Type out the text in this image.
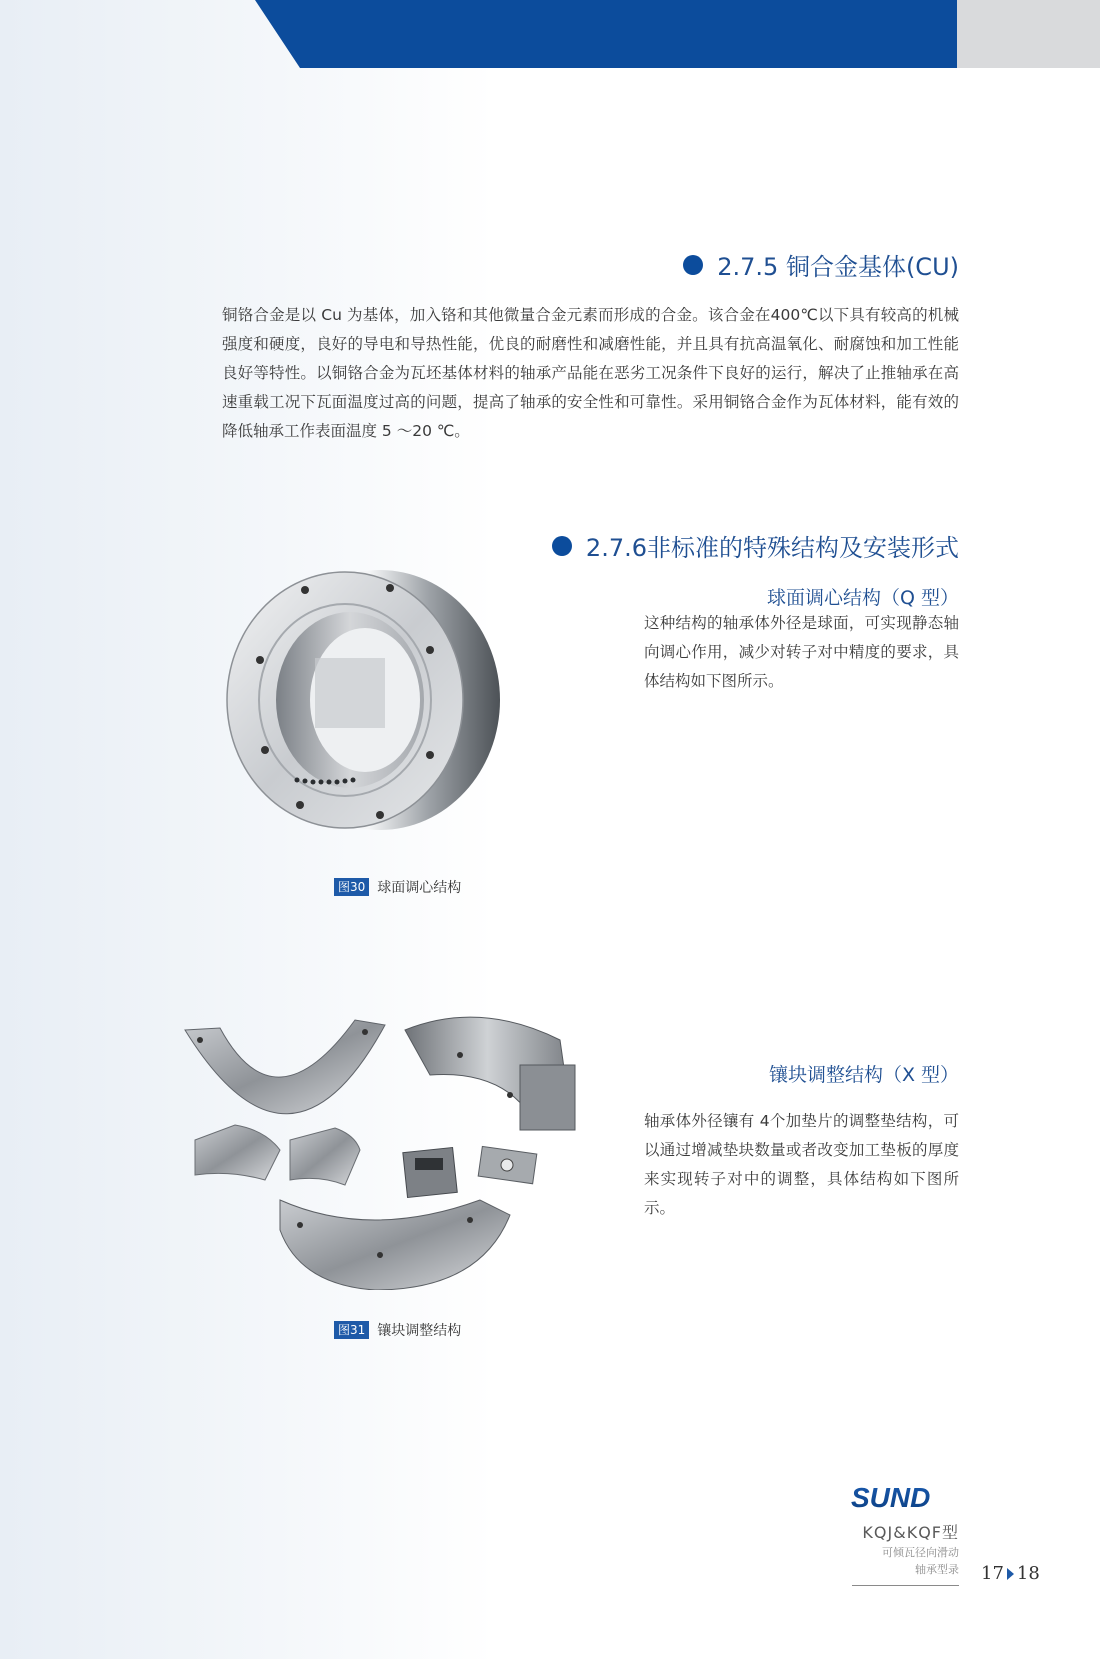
2.7.5 铜合金基体(CU)
铜铬合金是以 Cu 为基体，加入铬和其他微量合金元素而形成的合金。该合金在400℃以下具有较高的机械强度和硬度，良好的导电和导热性能，优良的耐磨性和减磨性能，并且具有抗高温氧化、耐腐蚀和加工性能良好等特性。以铜铬合金为瓦坯基体材料的轴承产品能在恶劣工况条件下良好的运行，解决了止推轴承在高速重载工况下瓦面温度过高的问题，提高了轴承的安全性和可靠性。采用铜铬合金作为瓦体材料，能有效的降低轴承工作表面温度 5 ～20 ℃。
2.7.6非标准的特殊结构及安装形式
球面调心结构（Q 型）
这种结构的轴承体外径是球面，可实现静态轴向调心作用，减少对转子对中精度的要求，具体结构如下图所示。
图30 球面调心结构
镶块调整结构（X 型）
轴承体外径镶有 4个加垫片的调整垫结构，可以通过增减垫块数量或者改变加工垫板的厚度来实现转子对中的调整，具体结构如下图所示。
图31 镶块调整结构
SUND
KQJ&KQF型
可倾瓦径向滑动
轴承型录 17 18
